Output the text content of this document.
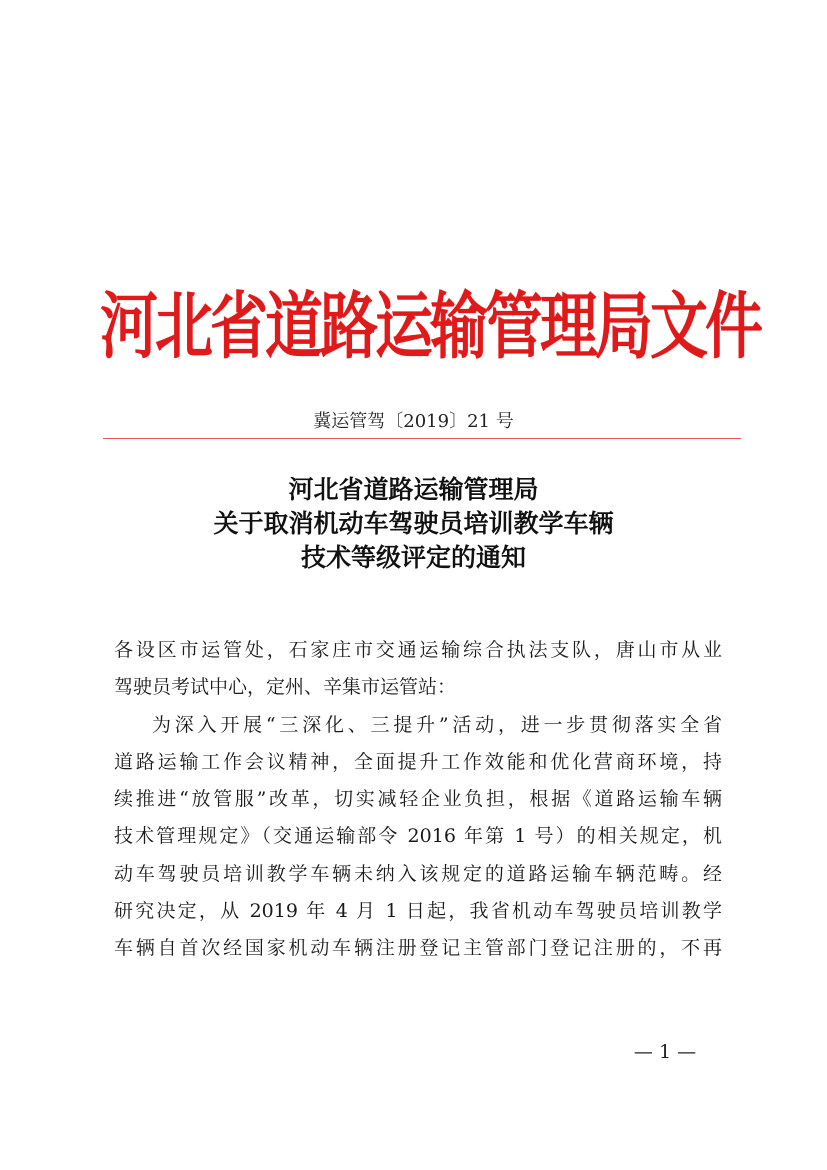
河北省道路运输管理局文件
冀运管驾〔2019〕21 号
河北省道路运输管理局
关于取消机动车驾驶员培训教学车辆
技术等级评定的通知
各设区市运管处，石家庄市交通运输综合执法支队，唐山市从业
驾驶员考试中心，定州、辛集市运管站：
为深入开展“三深化、三提升”活动，进一步贯彻落实全省
道路运输工作会议精神，全面提升工作效能和优化营商环境，持
续推进“放管服”改革，切实减轻企业负担，根据《道路运输车辆
技术管理规定》（交通运输部令 2016 年第 1 号）的相关规定，机
动车驾驶员培训教学车辆未纳入该规定的道路运输车辆范畴。经
研究决定，从 2019 年 4 月 1 日起，我省机动车驾驶员培训教学
车辆自首次经国家机动车辆注册登记主管部门登记注册的，不再
— 1 —
